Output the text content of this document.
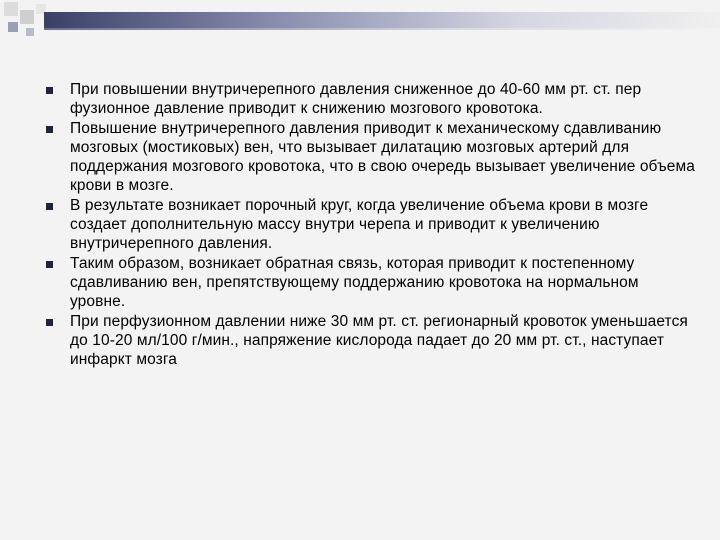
При повышении внутричерепного давления сниженное до 40-60 мм рт. ст. пер фузионное давление приводит к снижению мозгового кровотока.
Повышение внутричерепного давления приводит к механическому сдавливанию мозговых (мостиковых) вен, что вызывает дилатацию мозговых артерий для поддержания мозгового кровотока, что в свою очередь вызывает увеличение объема крови в мозге.
В результате возникает порочный круг, когда увеличение объема крови в мозге создает дополнительную массу внутри черепа и приводит к увеличению внутричерепного давления.
Таким образом, возникает обратная связь, которая приводит к постепенному сдавливанию вен, препятствующему поддержанию кровотока на нормальном уровне.
При перфузионном давлении ниже 30 мм рт. ст. регионарный кровоток уменьшается до 10-20 мл/100 г/мин., напряжение кислорода падает до 20 мм рт. ст., наступает инфаркт мозга
